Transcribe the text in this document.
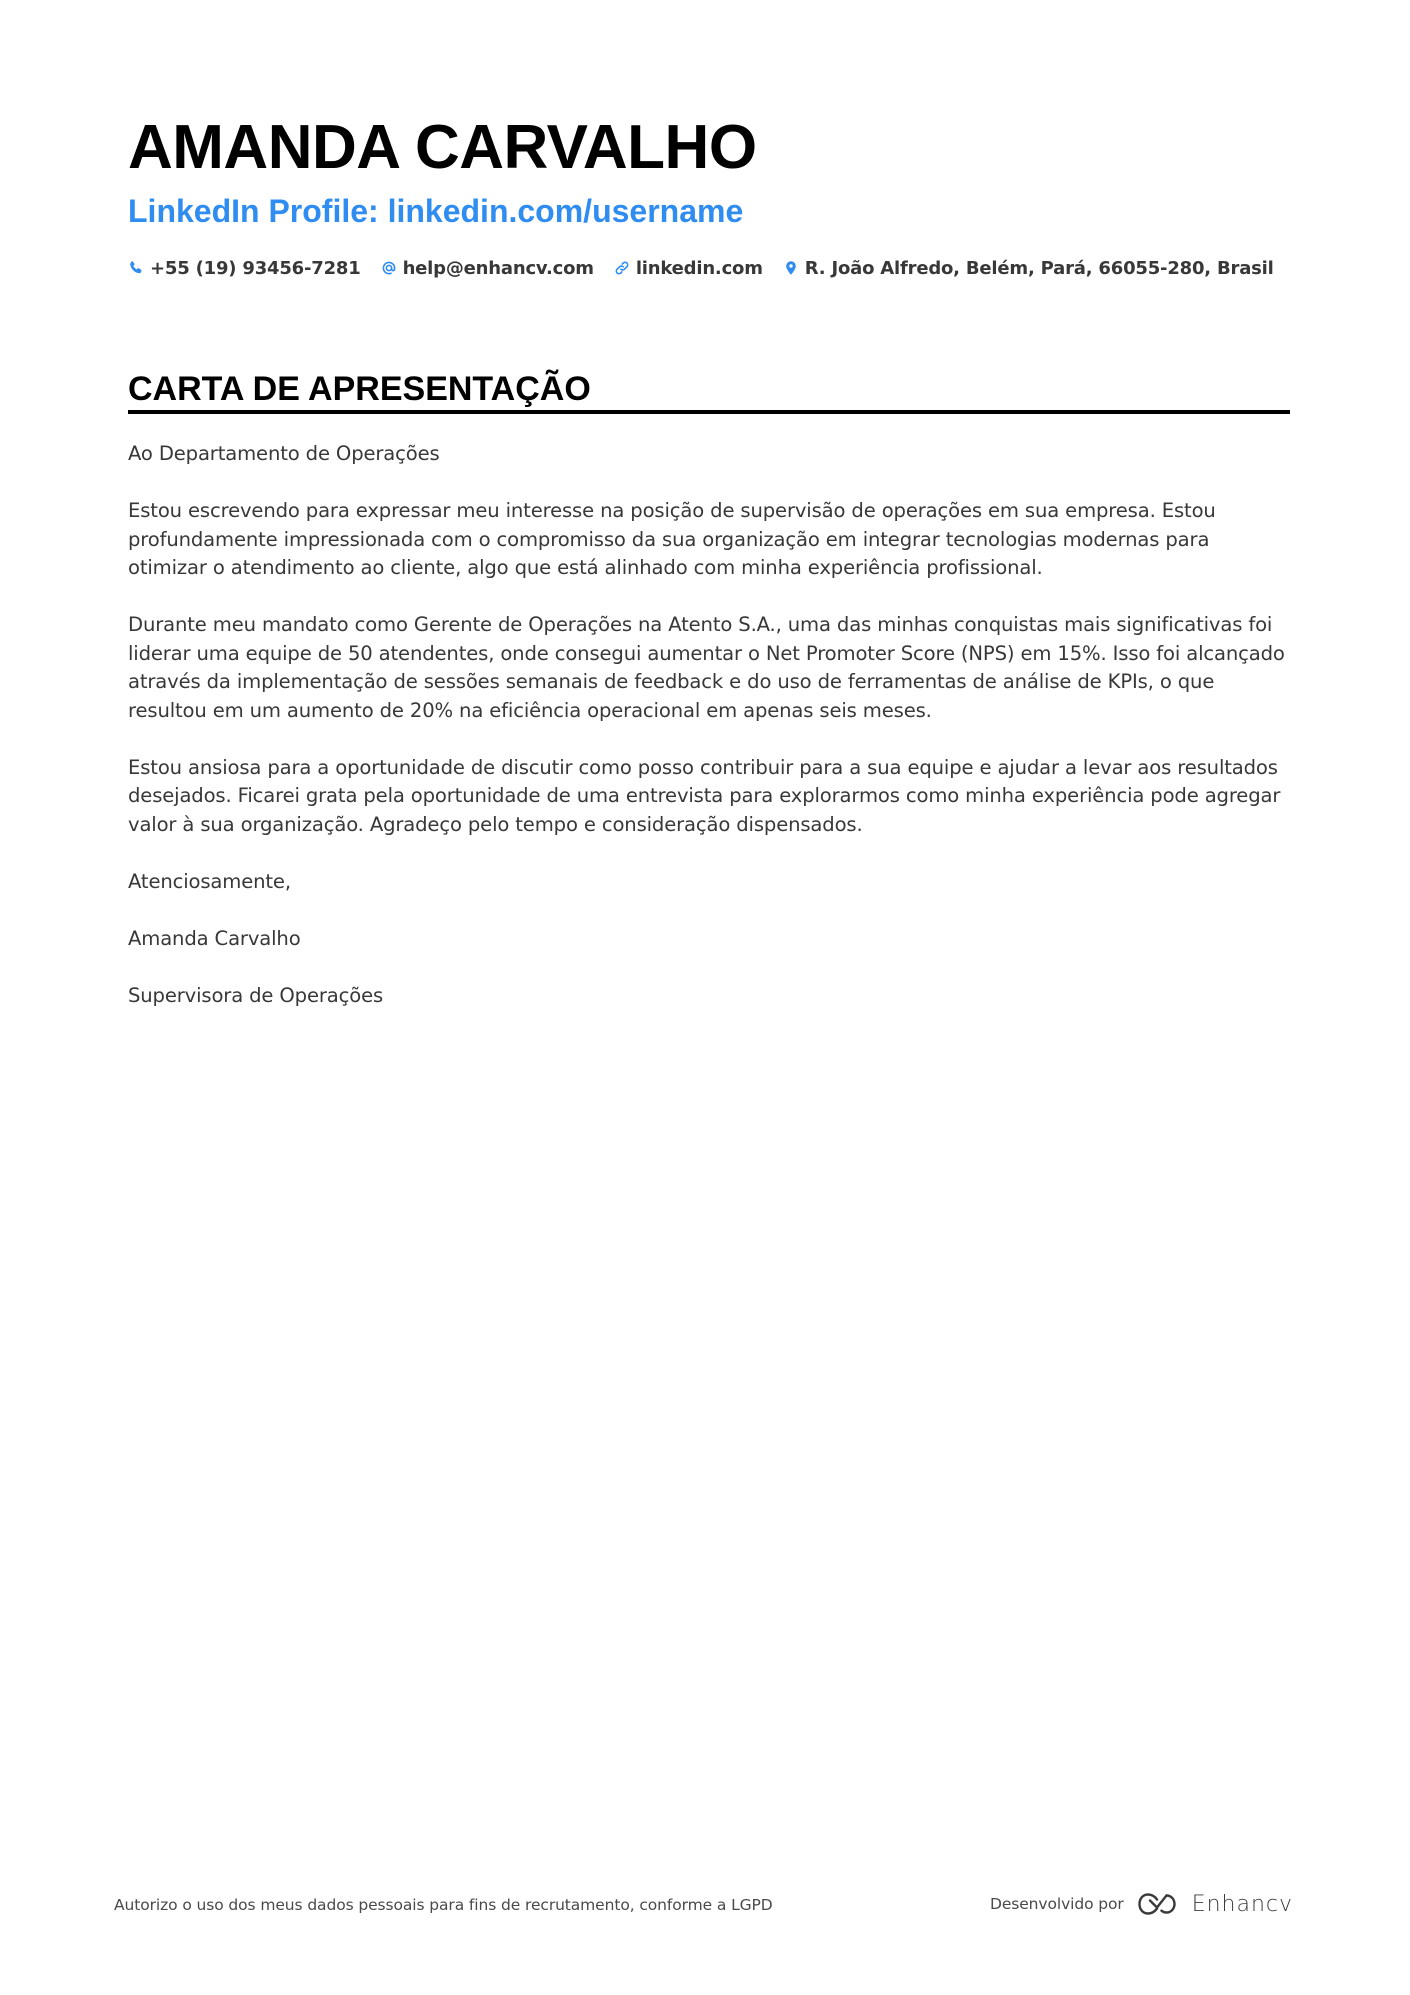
AMANDA CARVALHO
LinkedIn Profile: linkedin.com/username
+55 (19) 93456-7281 help@enhancv.com linkedin.com R. João Alfredo, Belém, Pará, 66055-280, Brasil
CARTA DE APRESENTAÇÃO

Ao Departamento de Operações

Estou escrevendo para expressar meu interesse na posição de supervisão de operações em sua empresa. Estou profundamente impressionada com o compromisso da sua organização em integrar tecnologias modernas para otimizar o atendimento ao cliente, algo que está alinhado com minha experiência profissional.

Durante meu mandato como Gerente de Operações na Atento S.A., uma das minhas conquistas mais significativas foi liderar uma equipe de 50 atendentes, onde consegui aumentar o Net Promoter Score (NPS) em 15%. Isso foi alcançado através da implementação de sessões semanais de feedback e do uso de ferramentas de análise de KPIs, o que resultou em um aumento de 20% na eficiência operacional em apenas seis meses.

Estou ansiosa para a oportunidade de discutir como posso contribuir para a sua equipe e ajudar a levar aos resultados desejados. Ficarei grata pela oportunidade de uma entrevista para explorarmos como minha experiência pode agregar valor à sua organização. Agradeço pelo tempo e consideração dispensados.

Atenciosamente,

Amanda Carvalho

Supervisora de Operações

Autorizo o uso dos meus dados pessoais para fins de recrutamento, conforme a LGPD	Desenvolvido por	Enhancv
